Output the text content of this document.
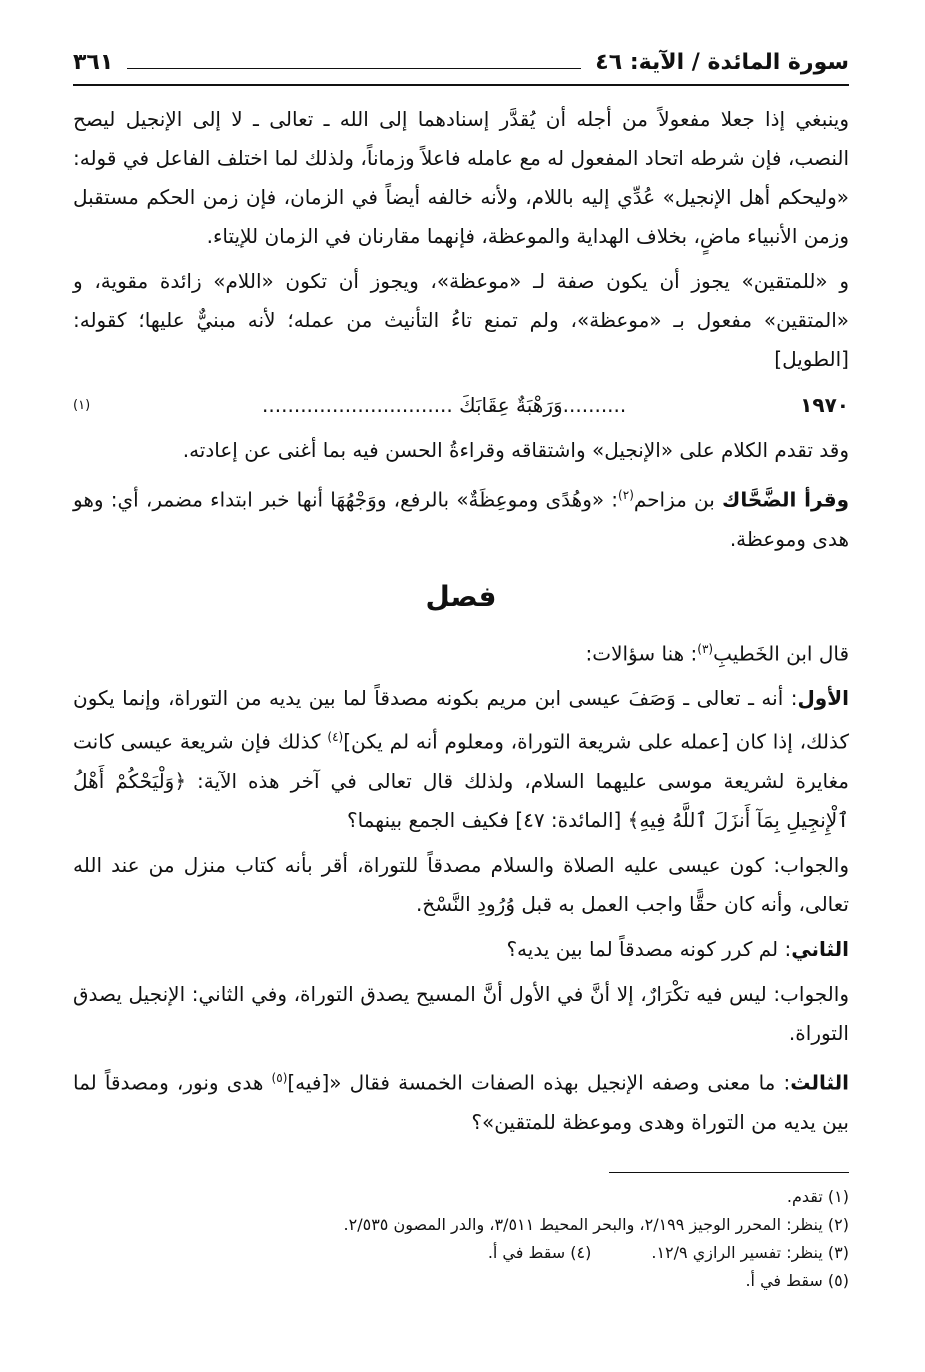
سورة المائدة / الآية: ٤٦
٣٦١

وينبغي إذا جعلا مفعولاً من أجله أن يُقدَّر إسنادهما إلى الله ـ تعالى ـ لا إلى الإنجيل ليصح النصب، فإن شرطه اتحاد المفعول له مع عامله فاعلاً وزماناً، ولذلك لما اختلف الفاعل في قوله: «وليحكم أهل الإنجيل» عُدِّي إليه باللام، ولأنه خالفه أيضاً في الزمان، فإن زمن الحكم مستقبل وزمن الأنبياء ماضٍ، بخلاف الهداية والموعظة، فإنهما مقارنان في الزمان للإيتاء.

و «للمتقين» يجوز أن يكون صفة لـ «موعظة»، ويجوز أن تكون «اللام» زائدة مقوية، و «المتقين» مفعول بـ «موعظة»، ولم تمنع تاءُ التأنيث من عمله؛ لأنه مبنيٌّ عليها؛ كقوله: [الطويل]

١٩٧٠
..........وَرَهْبَةٌ عِقَابَكَ ..............................
(١)

وقد تقدم الكلام على «الإنجيل» واشتقاقه وقراءةُ الحسن فيه بما أغنى عن إعادته.

وقرأ الضَّحَّاك بن مزاحم$^{(٢)}$: «وهُدًى وموعِظَةٌ» بالرفع، ووَجْهُهَا أنها خبر ابتداء مضمر، أي: وهو هدى وموعظة.

فصل

قال ابن الخَطيبِ$^{(٣)}$: هنا سؤالات:

الأول: أنه ـ تعالى ـ وَصَفَ عيسى ابن مريم بكونه مصدقاً لما بين يديه من التوراة، وإنما يكون كذلك، إذا كان [عمله على شريعة التوراة، ومعلوم أنه لم يكن]$^{(٤)}$ كذلك فإن شريعة عيسى كانت مغايرة لشريعة موسى عليهما السلام، ولذلك قال تعالى في آخر هذه الآية: ﴿وَلْيَحْكُمْ أَهْلُ ٱلْإِنجِيلِ بِمَآ أَنزَلَ ٱللَّهُ فِيهِ﴾ [المائدة: ٤٧] فكيف الجمع بينهما؟

والجواب: كون عيسى عليه الصلاة والسلام مصدقاً للتوراة، أقر بأنه كتاب منزل من عند الله تعالى، وأنه كان حقًّا واجب العمل به قبل وُرُودِ النَّسْخ.

الثاني: لم كرر كونه مصدقاً لما بين يديه؟

والجواب: ليس فيه تكْرَارٌ، إلا أنَّ في الأول أنَّ المسيح يصدق التوراة، وفي الثاني: الإنجيل يصدق التوراة.

الثالث: ما معنى وصفه الإنجيل بهذه الصفات الخمسة فقال «[فيه]$^{(٥)}$ هدى ونور، ومصدقاً لما بين يديه من التوراة وهدى وموعظة للمتقين»؟

(١) تقدم.

(٢) ينظر: المحرر الوجيز ٢/١٩٩، والبحر المحيط ٣/٥١١، والدر المصون ٢/٥٣٥.

(٣) ينظر: تفسير الرازي ١٢/٩.

(٤) سقط في أ.

(٥) سقط في أ.
